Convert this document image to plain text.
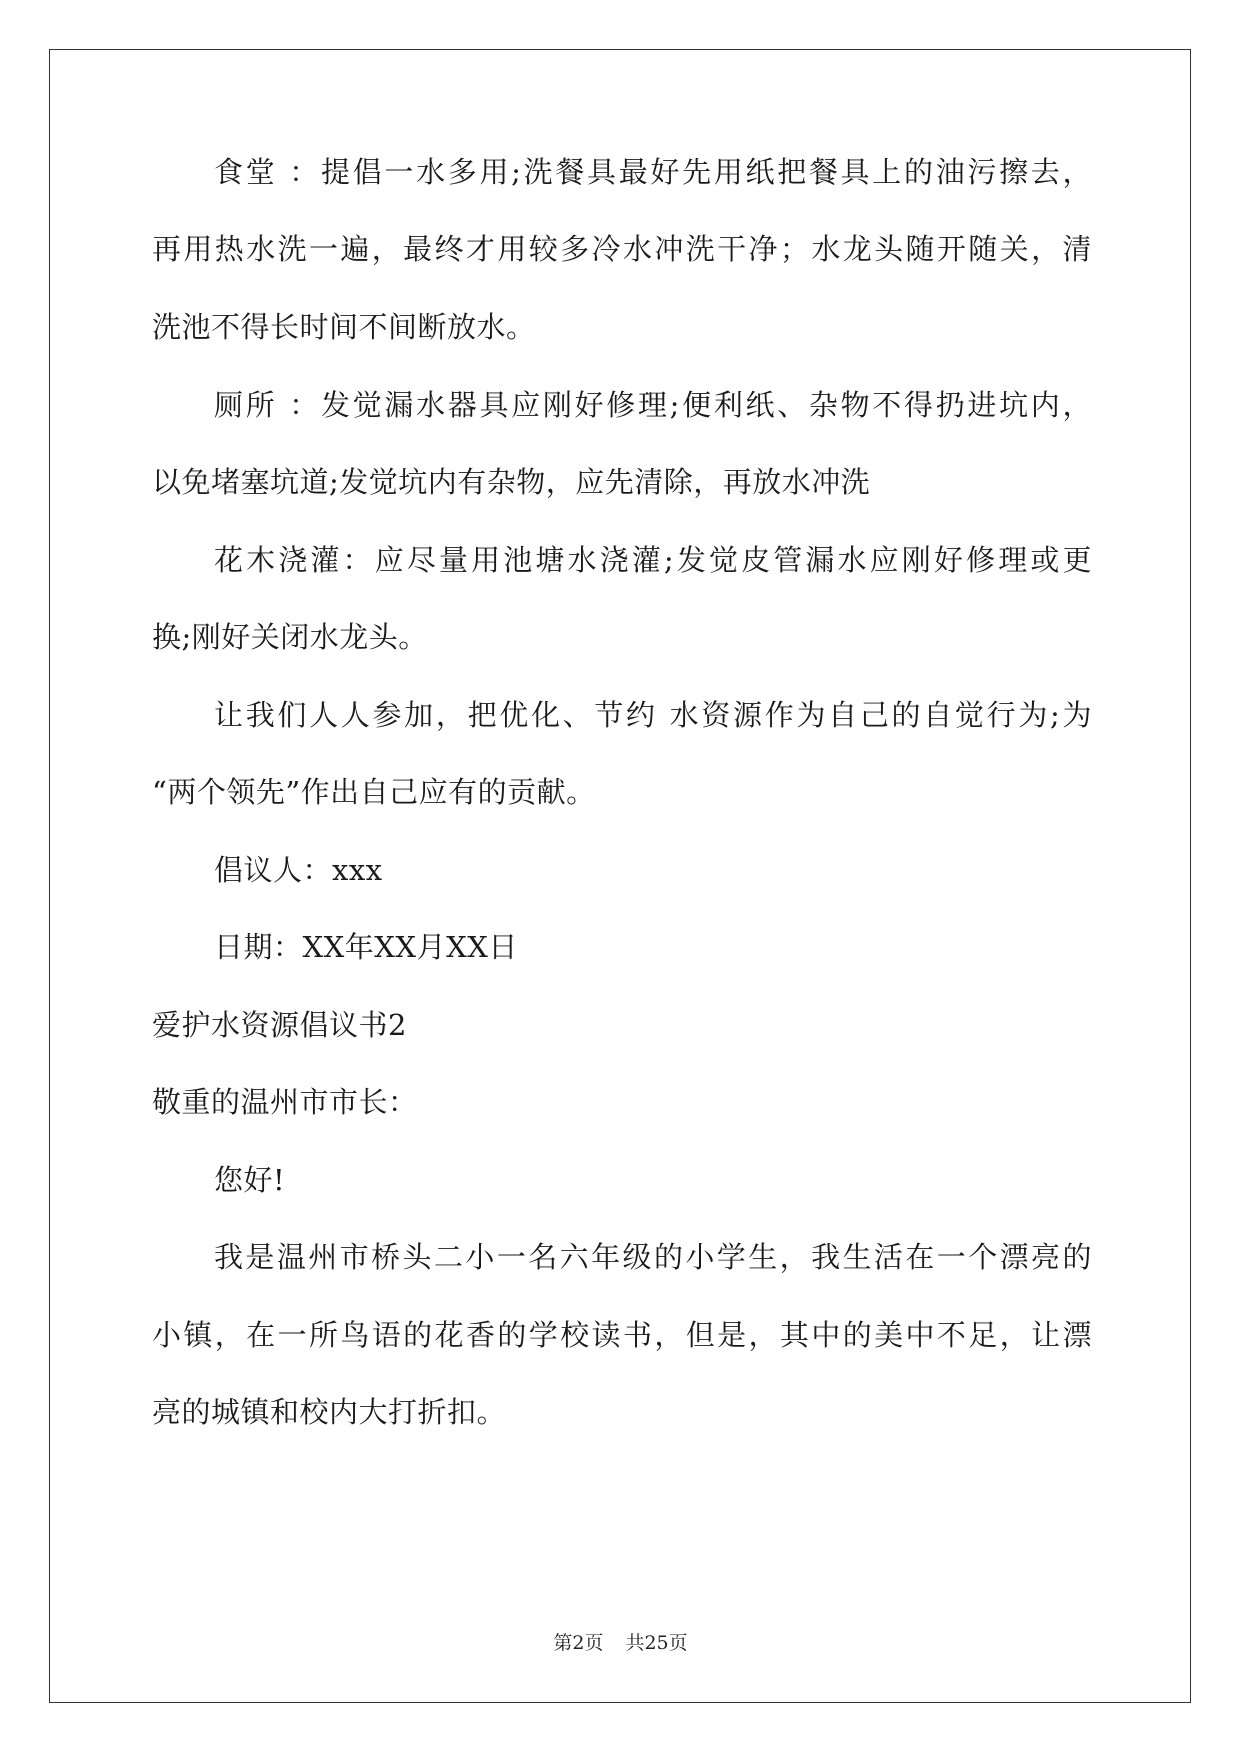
食堂 ：提倡一水多用;洗餐具最好先用纸把餐具上的油污擦去，
再用热水洗一遍，最终才用较多冷水冲洗干净；水龙头随开随关，清
洗池不得长时间不间断放水。
厕所 ：发觉漏水器具应刚好修理;便利纸、杂物不得扔进坑内，
以免堵塞坑道;发觉坑内有杂物，应先清除，再放水冲洗
花木浇灌：应尽量用池塘水浇灌;发觉皮管漏水应刚好修理或更
换;刚好关闭水龙头。
让我们人人参加，把优化、节约 水资源作为自己的自觉行为;为
“两个领先”作出自己应有的贡献。
倡议人：xxx
日期：XX年XX月XX日
爱护水资源倡议书2
敬重的温州市市长：
您好!
我是温州市桥头二小一名六年级的小学生，我生活在一个漂亮的
小镇，在一所鸟语的花香的学校读书，但是，其中的美中不足，让漂
亮的城镇和校内大打折扣。
第2页 共25页
